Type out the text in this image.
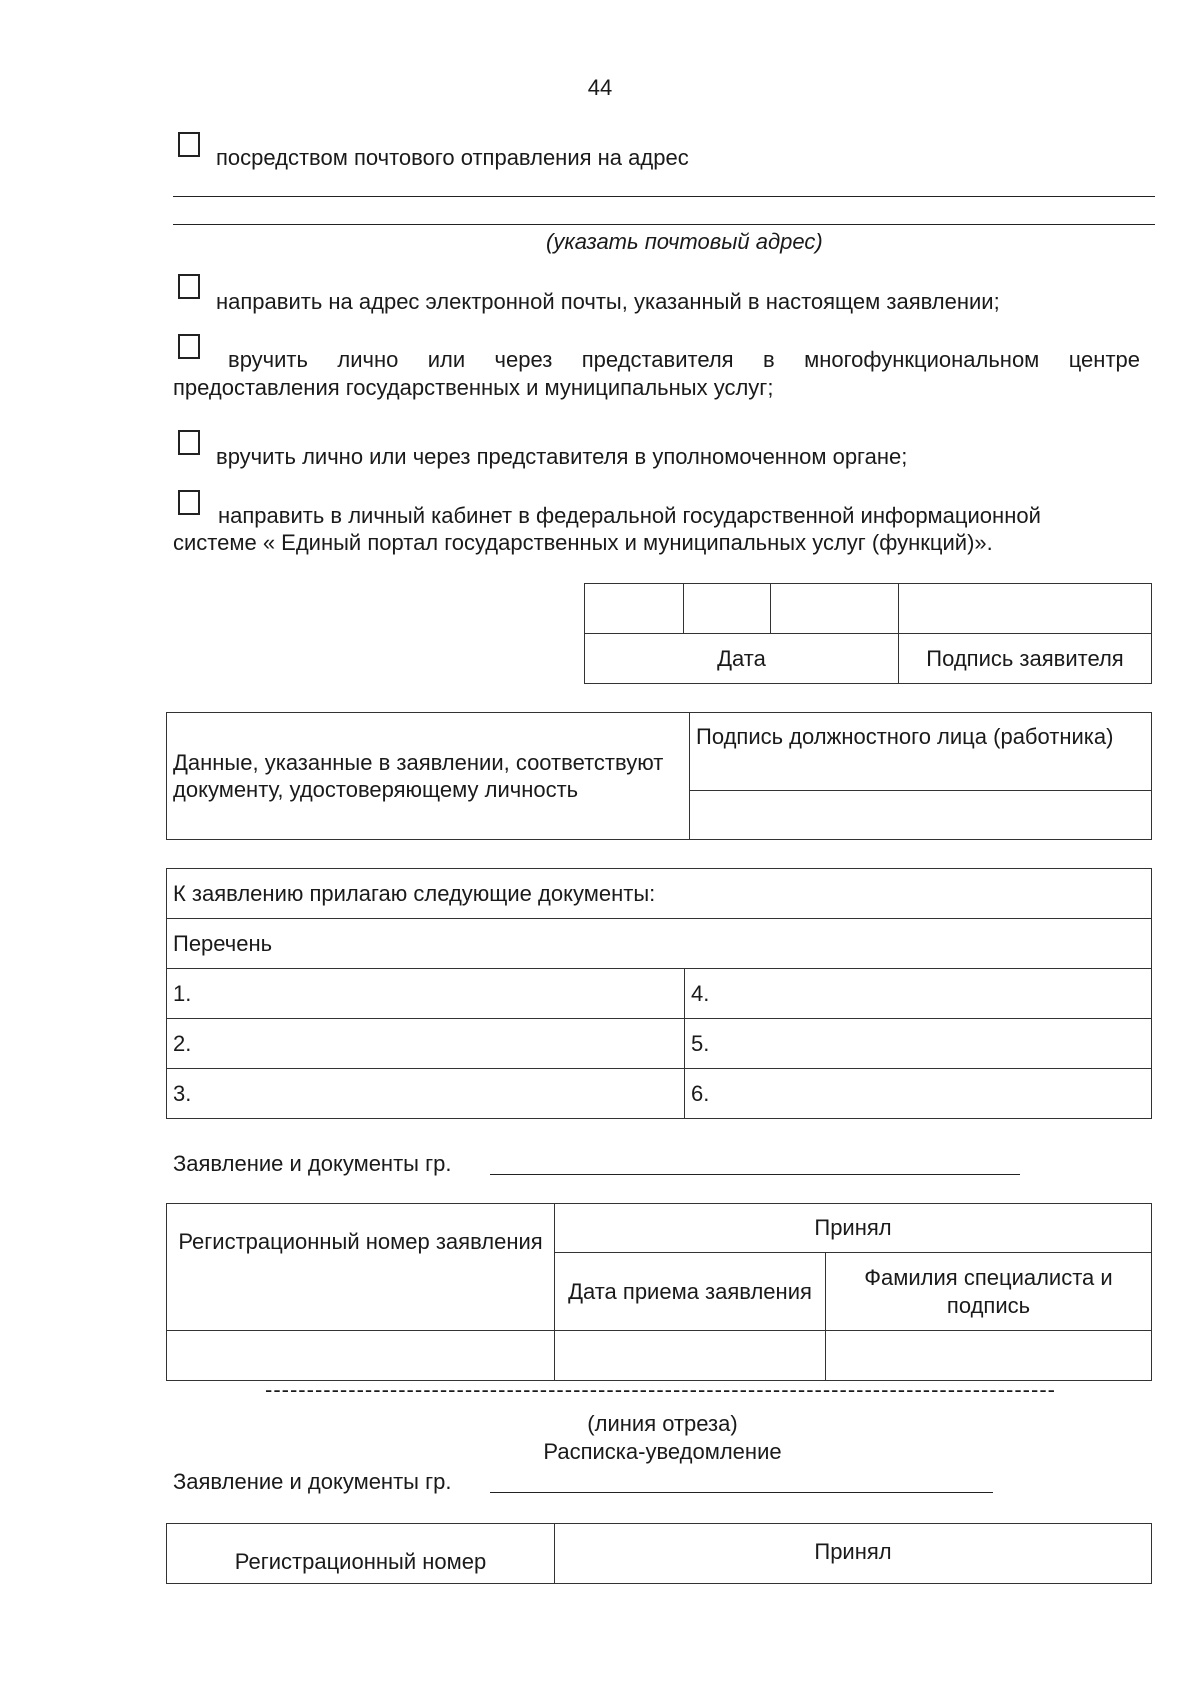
44
посредством почтового отправления на адрес
(указать почтовый адрес)
направить на адрес электронной почты, указанный в настоящем заявлении;
вручить лично или через представителя в многофункциональном центре
предоставления государственных и муниципальных услуг;
вручить лично или через представителя в уполномоченном органе;
направить в личный кабинет в федеральной государственной информационной
системе « Единый портал государственных и муниципальных услуг (функций)».

Дата			Подпись заявителя
Данные, указанные в заявлении, соответствуют документу, удостоверяющему личность	Подпись должностного лица (работника)

К заявлению прилагаю следующие документы:	
Перечень	
1.	4.
2.	5.
3.	6.
Заявление и документы гр.
Регистрационный номер заявления	Принял	
	Дата приема заявления	Фамилия специалиста и подпись

-----------------------------------------------------------------------------------------------
(линия отреза)
Расписка-уведомление
Заявление и документы гр.
Регистрационный номер	Принял
